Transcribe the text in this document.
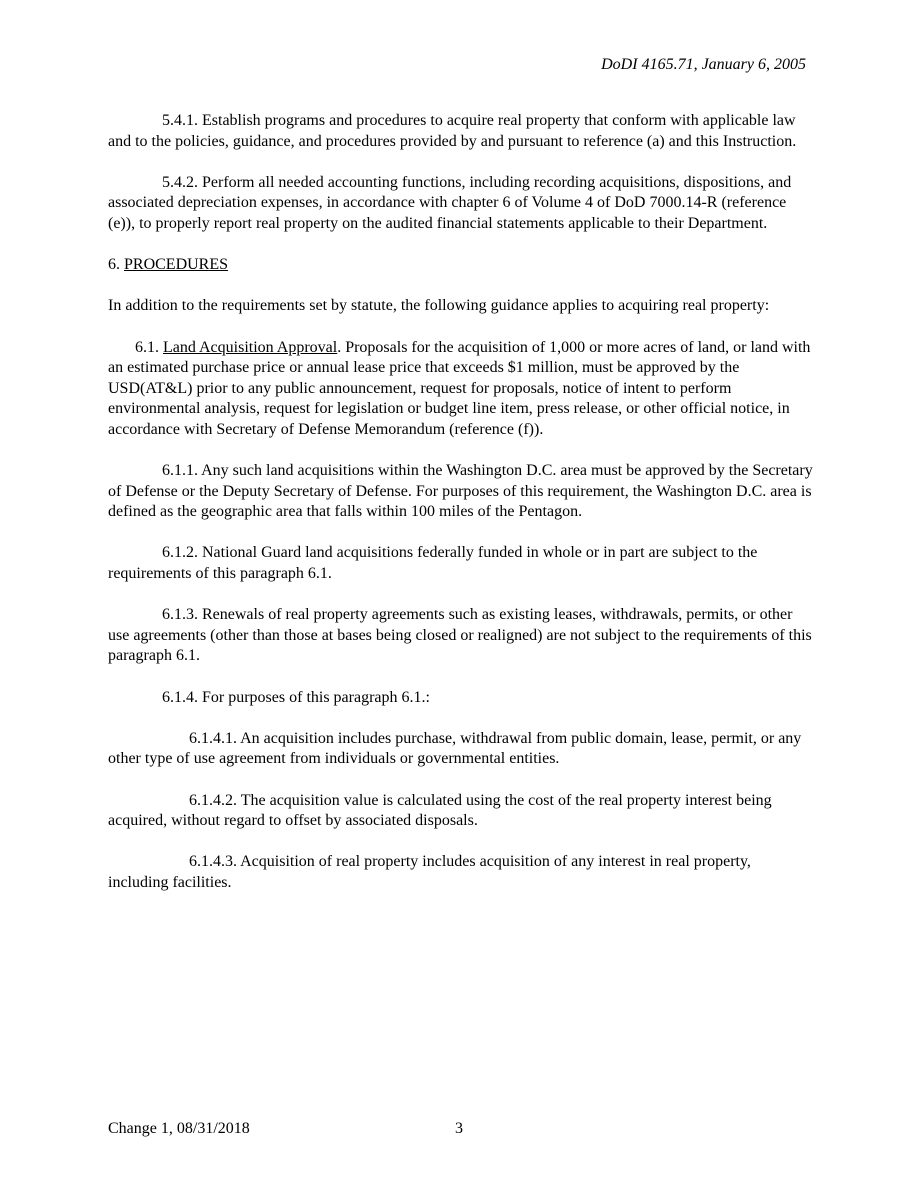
DoDI 4165.71, January 6, 2005

5.4.1. Establish programs and procedures to acquire real property that conform with applicable law and to the policies, guidance, and procedures provided by and pursuant to reference (a) and this Instruction.

5.4.2. Perform all needed accounting functions, including recording acquisitions, dispositions, and associated depreciation expenses, in accordance with chapter 6 of Volume 4 of DoD 7000.14-R (reference (e)), to properly report real property on the audited financial statements applicable to their Department.

6. PROCEDURES

In addition to the requirements set by statute, the following guidance applies to acquiring real property:

6.1. Land Acquisition Approval. Proposals for the acquisition of 1,000 or more acres of land, or land with an estimated purchase price or annual lease price that exceeds $1 million, must be approved by the USD(AT&L) prior to any public announcement, request for proposals, notice of intent to perform environmental analysis, request for legislation or budget line item, press release, or other official notice, in accordance with Secretary of Defense Memorandum (reference (f)).

6.1.1. Any such land acquisitions within the Washington D.C. area must be approved by the Secretary of Defense or the Deputy Secretary of Defense. For purposes of this requirement, the Washington D.C. area is defined as the geographic area that falls within 100 miles of the Pentagon.

6.1.2. National Guard land acquisitions federally funded in whole or in part are subject to the requirements of this paragraph 6.1.

6.1.3. Renewals of real property agreements such as existing leases, withdrawals, permits, or other use agreements (other than those at bases being closed or realigned) are not subject to the requirements of this paragraph 6.1.

6.1.4. For purposes of this paragraph 6.1.:

6.1.4.1. An acquisition includes purchase, withdrawal from public domain, lease, permit, or any other type of use agreement from individuals or governmental entities.

6.1.4.2. The acquisition value is calculated using the cost of the real property interest being acquired, without regard to offset by associated disposals.

6.1.4.3. Acquisition of real property includes acquisition of any interest in real property, including facilities.

Change 1, 08/31/2018	3
